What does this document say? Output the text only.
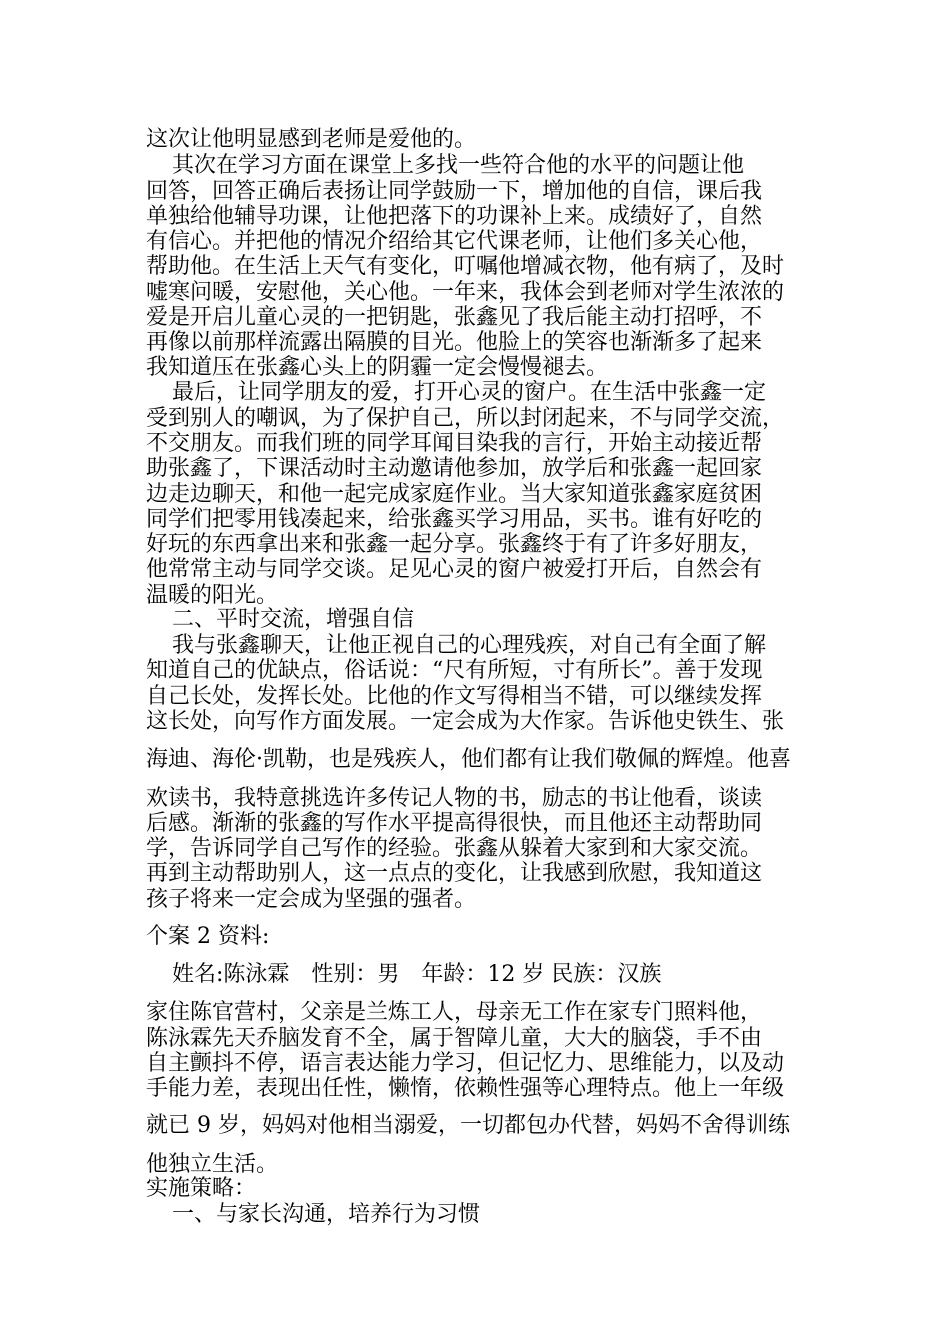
这次让他明显感到老师是爱他的。

其次在学习方面在课堂上多找一些符合他的水平的问题让他

回答，回答正确后表扬让同学鼓励一下，增加他的自信，课后我

单独给他辅导功课，让他把落下的功课补上来。成绩好了，自然

有信心。并把他的情况介绍给其它代课老师，让他们多关心他，

帮助他。在生活上天气有变化，叮嘱他增减衣物，他有病了，及时

嘘寒问暖，安慰他，关心他。一年来，我体会到老师对学生浓浓的

爱是开启儿童心灵的一把钥匙，张鑫见了我后能主动打招呼，不

再像以前那样流露出隔膜的目光。他脸上的笑容也渐渐多了起来

我知道压在张鑫心头上的阴霾一定会慢慢褪去。

最后，让同学朋友的爱，打开心灵的窗户。在生活中张鑫一定

受到别人的嘲讽，为了保护自己，所以封闭起来，不与同学交流，

不交朋友。而我们班的同学耳闻目染我的言行，开始主动接近帮

助张鑫了，下课活动时主动邀请他参加，放学后和张鑫一起回家

边走边聊天，和他一起完成家庭作业。当大家知道张鑫家庭贫困

同学们把零用钱凑起来，给张鑫买学习用品，买书。谁有好吃的

好玩的东西拿出来和张鑫一起分享。张鑫终于有了许多好朋友，

他常常主动与同学交谈。足见心灵的窗户被爱打开后，自然会有

温暖的阳光。

二、平时交流，增强自信

我与张鑫聊天，让他正视自己的心理残疾，对自己有全面了解

知道自己的优缺点，俗话说：“尺有所短，寸有所长”。善于发现

自己长处，发挥长处。比他的作文写得相当不错，可以继续发挥

这长处，向写作方面发展。一定会成为大作家。告诉他史铁生、张

海迪、海伦·凯勒，也是残疾人，他们都有让我们敬佩的辉煌。他喜

欢读书，我特意挑选许多传记人物的书，励志的书让他看，谈读

后感。渐渐的张鑫的写作水平提高得很快，而且他还主动帮助同

学，告诉同学自己写作的经验。张鑫从躲着大家到和大家交流。

再到主动帮助别人，这一点点的变化，让我感到欣慰，我知道这

孩子将来一定会成为坚强的强者。

个案 2 资料:

姓名:陈泳霖　性别：男　年龄：12 岁 民族：汉族

家住陈官营村，父亲是兰炼工人，母亲无工作在家专门照料他，

陈泳霖先天乔脑发育不全，属于智障儿童，大大的脑袋，手不由

自主颤抖不停，语言表达能力学习，但记忆力、思维能力，以及动

手能力差，表现出任性，懒惰，依赖性强等心理特点。他上一年级

就已 9 岁，妈妈对他相当溺爱，一切都包办代替，妈妈不舍得训练

他独立生活。

实施策略：

一、与家长沟通，培养行为习惯
